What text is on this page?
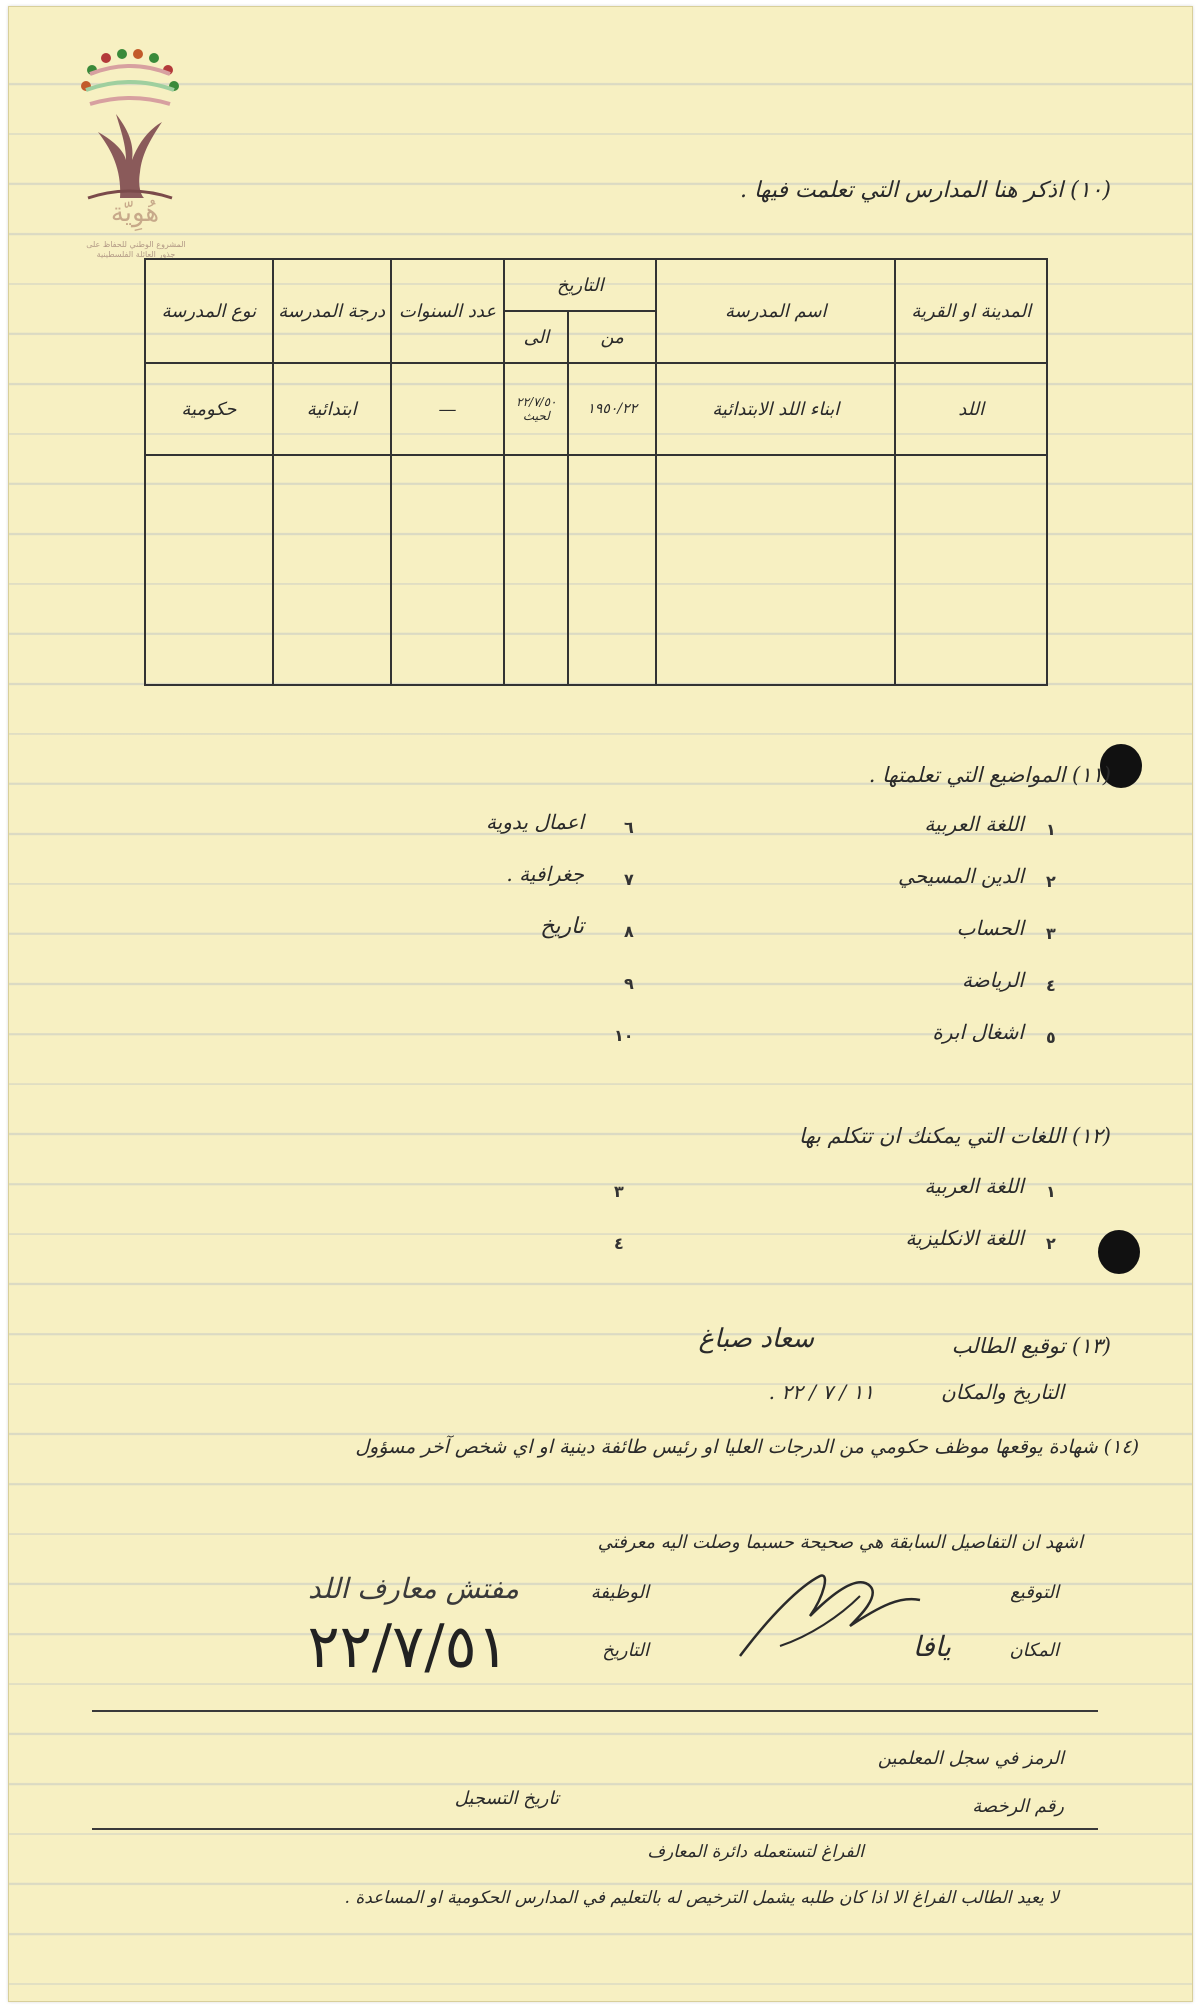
هُوِيّة
المشروع الوطني للحفاظ على
جذور العائلة الفلسطينية
(١٠) اذكر هنا المدارس التي تعلمت فيها .
المدينة او القرية	اسم المدرسة	التاريخ		عدد السنوات	درجة المدرسة	نوع المدرسة
		من	الى			
اللد	ابناء اللد الابتدائية	١٩٥٠/٢٢	٢٢/٧/٥٠ لحيث	—	ابتدائية	حكومية

(١١) المواضيع التي تعلمتها .
١
اللغة العربية
٢
الدين المسيحي
٣
الحساب
٤
الرياضة
٥
اشغال ابرة
٦
اعمال يدوية
٧
جغرافية .
٨
تاريخ
٩
١٠
(١٢) اللغات التي يمكنك ان تتكلم بها
١
اللغة العربية
٢
اللغة الانكليزية
٣
٤
(١٣) توقيع الطالب
سعاد صباغ
التاريخ والمكان
١١ / ٧ / ٢٢ .
(١٤) شهادة يوقعها موظف حكومي من الدرجات العليا او رئيس طائفة دينية او اي شخص آخر مسؤول
اشهد ان التفاصيل السابقة هي صحيحة حسبما وصلت اليه معرفتي
التوقيع
الوظيفة
مفتش معارف اللد
المكان
يافا
التاريخ
٢٢/٧/٥١
الرمز في سجل المعلمين
رقم الرخصة
تاريخ التسجيل
الفراغ لتستعمله دائرة المعارف
لا يعيد الطالب الفراغ الا اذا كان طلبه يشمل الترخيص له بالتعليم في المدارس الحكومية او المساعدة .
